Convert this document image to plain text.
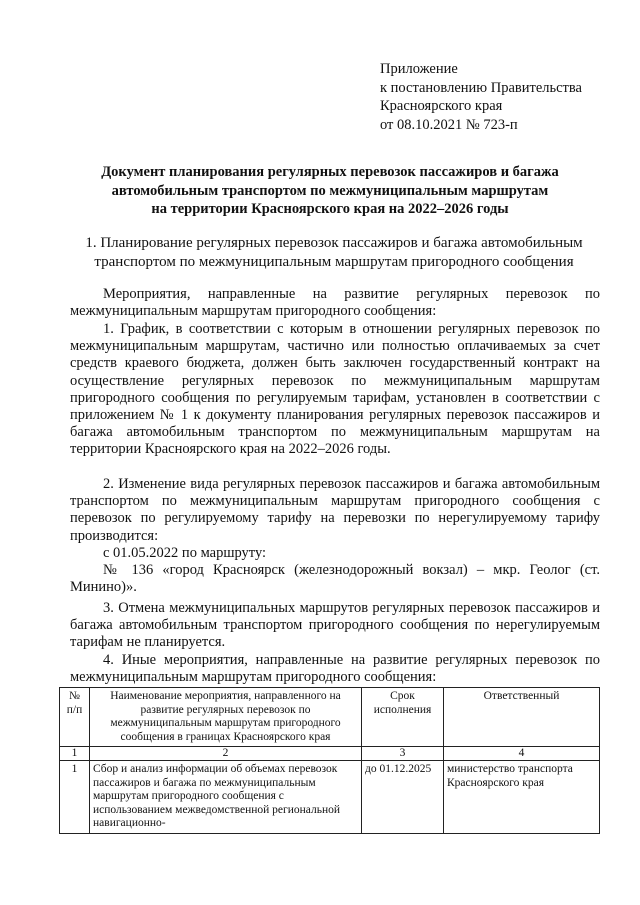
Приложение
к постановлению Правительства
Красноярского края
от 08.10.2021 № 723-п
Документ планирования регулярных перевозок пассажиров и багажа
автомобильным транспортом по межмуниципальным маршрутам
на территории Красноярского края на 2022–2026 годы
1. Планирование регулярных перевозок пассажиров и багажа автомобильным
транспортом по межмуниципальным маршрутам пригородного сообщения
Мероприятия, направленные на развитие регулярных перевозок по межмуниципальным маршрутам пригородного сообщения:
1. График, в соответствии с которым в отношении регулярных перевозок по межмуниципальным маршрутам, частично или полностью оплачиваемых за счет средств краевого бюджета, должен быть заключен государственный контракт на осуществление регулярных перевозок по межмуниципальным маршрутам пригородного сообщения по регулируемым тарифам, установлен в соответствии с приложением № 1 к документу планирования регулярных перевозок пассажиров и багажа автомобильным транспортом по межмуниципальным маршрутам на территории Красноярского края на 2022–2026 годы.
2. Изменение вида регулярных перевозок пассажиров и багажа автомобильным транспортом по межмуниципальным маршрутам пригородного сообщения с перевозок по регулируемому тарифу на перевозки по нерегулируемому тарифу производится:
с 01.05.2022 по маршруту:
№ 136 «город Красноярск (железнодорожный вокзал) – мкр. Геолог (ст. Минино)».
3. Отмена межмуниципальных маршрутов регулярных перевозок пассажиров и багажа автомобильным транспортом пригородного сообщения по нерегулируемым тарифам не планируется.
4. Иные мероприятия, направленные на развитие регулярных перевозок по межмуниципальным маршрутам пригородного сообщения:
№ п/п	Наименование мероприятия, направленного на развитие регулярных перевозок по межмуниципальным маршрутам пригородного сообщения в границах Красноярского края	Срок исполнения	Ответственный
1	2	3	4
1	Сбор и анализ информации об объемах перевозок пассажиров и багажа по межмуниципальным маршрутам пригородного сообщения с использованием межведомственной региональной навигационно-	до 01.12.2025	министерство транспорта Красноярского края
